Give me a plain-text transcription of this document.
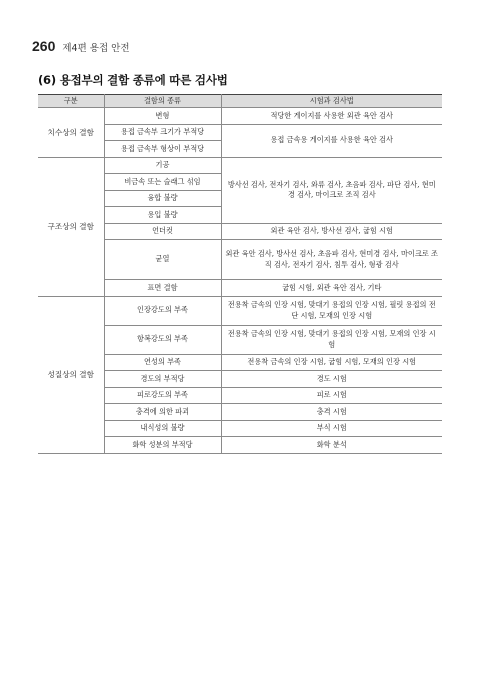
260 제4편 용접 안전
(6) 용접부의 결함 종류에 따른 검사법
구분	결함의 종류	시험과 검사법
치수상의 결함	변형	적당한 게이지를 사용한 외관 육안 검사
	용접 금속부 크기가 부적당	용접 금속용 게이지를 사용한 육안 검사
	용접 금속부 형상이 부적당	
구조상의 결함	기공	방사선 검사, 전자기 검사, 와류 검사, 초음파 검사, 파단 검사, 현미경 검사, 마이크로 조직 검사
	비금속 또는 슬래그 섞임	
	융합 불량	
	용입 불량	
	언더컷	외관 육안 검사, 방사선 검사, 굽힘 시험
	균열	외관 육안 검사, 방사선 검사, 초음파 검사, 현미경 검사, 마이크로 조직 검사, 전자기 검사, 침투 검사, 형광 검사
	표면 결함	굽힘 시험, 외관 육안 검사, 기타
성질상의 결함	인장강도의 부족	전용착 금속의 인장 시험, 맞대기 용접의 인장 시험, 필릿 용접의 전단 시험, 모재의 인장 시험
	항복강도의 부족	전용착 금속의 인장 시험, 맞대기 용접의 인장 시험, 모재의 인장 시험
	연성의 부족	전용착 금속의 인장 시험, 굽힘 시험, 모재의 인장 시험
	경도의 부적당	경도 시험
	피로강도의 부족	피로 시험
	충격에 의한 파괴	충격 시험
	내식성의 불량	부식 시험
	화학 성분의 부적당	화학 분석
